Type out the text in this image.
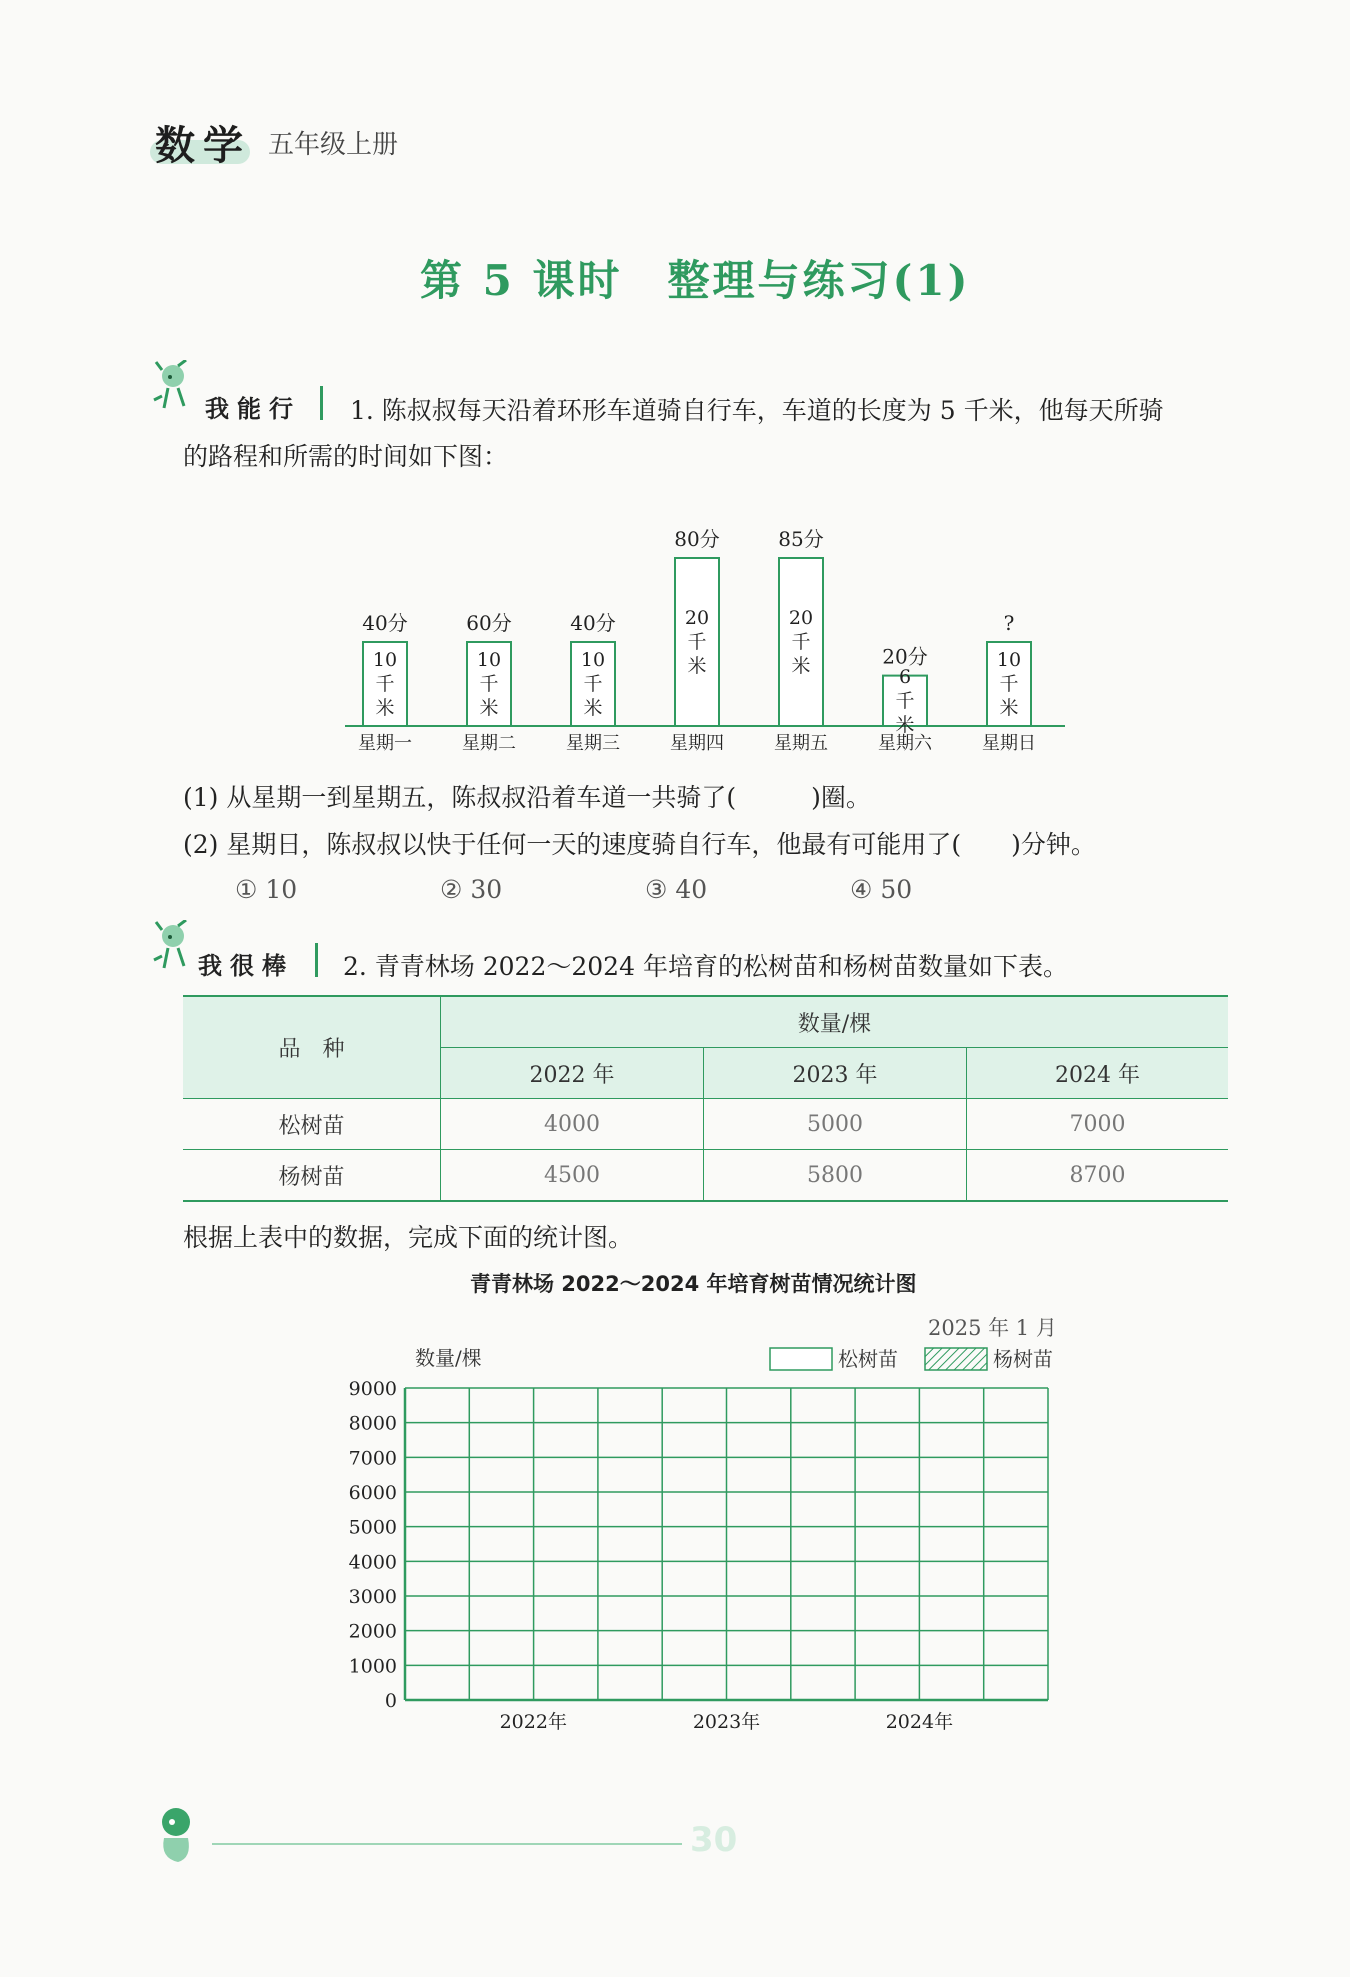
数学 五年级上册
第 5 课时　整理与练习(1)
我能行 1. 陈叔叔每天沿着环形车道骑自行车，车道的长度为 5 千米，他每天所骑
的路程和所需的时间如下图：
40分
10
千
米
星期一
60分
10
千
米
星期二
40分
10
千
米
星期三
80分
20
千
米
星期四
85分
20
千
米
星期五
20分
6
千
米
星期六
?
10
千
米
星期日
(1) 从星期一到星期五，陈叔叔沿着车道一共骑了(　　　)圈。
(2) 星期日，陈叔叔以快于任何一天的速度骑自行车，他最有可能用了(　　)分钟。
① 10	② 30	③ 40	④ 50
我很棒 2. 青青林场 2022～2024 年培育的松树苗和杨树苗数量如下表。
品　种	数量/棵		
	2022 年	2023 年	2024 年
松树苗	4000	5000	7000
杨树苗	4500	5800	8700
根据上表中的数据，完成下面的统计图。
青青林场 2022～2024 年培育树苗情况统计图
2025 年 1 月
数量/棵	松树苗	杨树苗
9000
8000
7000
6000
5000
4000
3000
2000
1000
0
2022年	2023年	2024年
30
